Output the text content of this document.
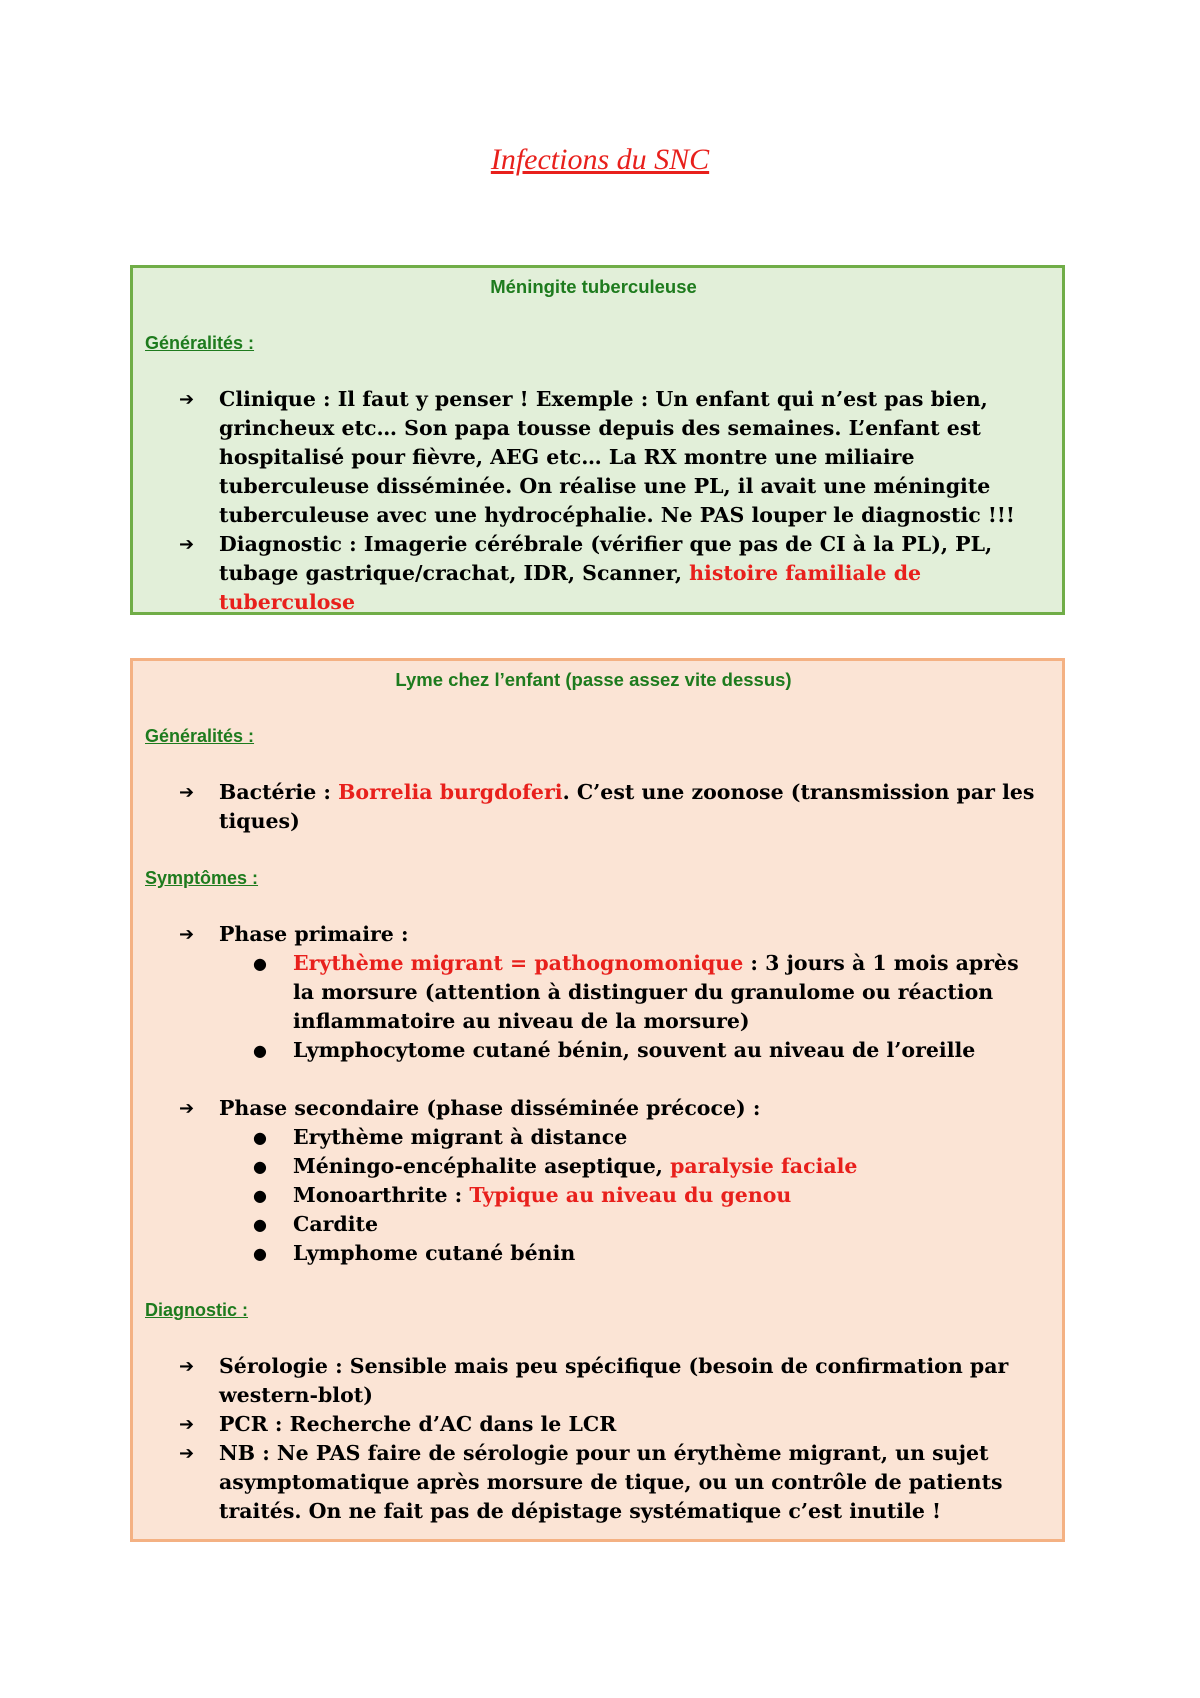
Infections du SNC
Méningite tuberculeuse
Généralités :
➔	Clinique : Il faut y penser ! Exemple : Un enfant qui n’est pas bien, grincheux etc… Son papa tousse depuis des semaines. L’enfant est hospitalisé pour fièvre, AEG etc… La RX montre une miliaire tuberculeuse disséminée. On réalise une PL, il avait une méningite tuberculeuse avec une hydrocéphalie. Ne PAS louper le diagnostic !!!
➔	Diagnostic : Imagerie cérébrale (vérifier que pas de CI à la PL), PL, tubage gastrique/crachat, IDR, Scanner, histoire familiale de tuberculose
Lyme chez l’enfant (passe assez vite dessus)
Généralités :
➔	Bactérie : Borrelia burgdoferi. C’est une zoonose (transmission par les tiques)
Symptômes :
➔	Phase primaire :
●	Erythème migrant = pathognomonique : 3 jours à 1 mois après la morsure (attention à distinguer du granulome ou réaction inflammatoire au niveau de la morsure)
●	Lymphocytome cutané bénin, souvent au niveau de l’oreille
➔	Phase secondaire (phase disséminée précoce) :
●	Erythème migrant à distance
●	Méningo-encéphalite aseptique, paralysie faciale
●	Monoarthrite : Typique au niveau du genou
●	Cardite
●	Lymphome cutané bénin
Diagnostic :
➔	Sérologie : Sensible mais peu spécifique (besoin de confirmation par western-blot)
➔	PCR : Recherche d’AC dans le LCR
➔	NB : Ne PAS faire de sérologie pour un érythème migrant, un sujet asymptomatique après morsure de tique, ou un contrôle de patients traités. On ne fait pas de dépistage systématique c’est inutile !
